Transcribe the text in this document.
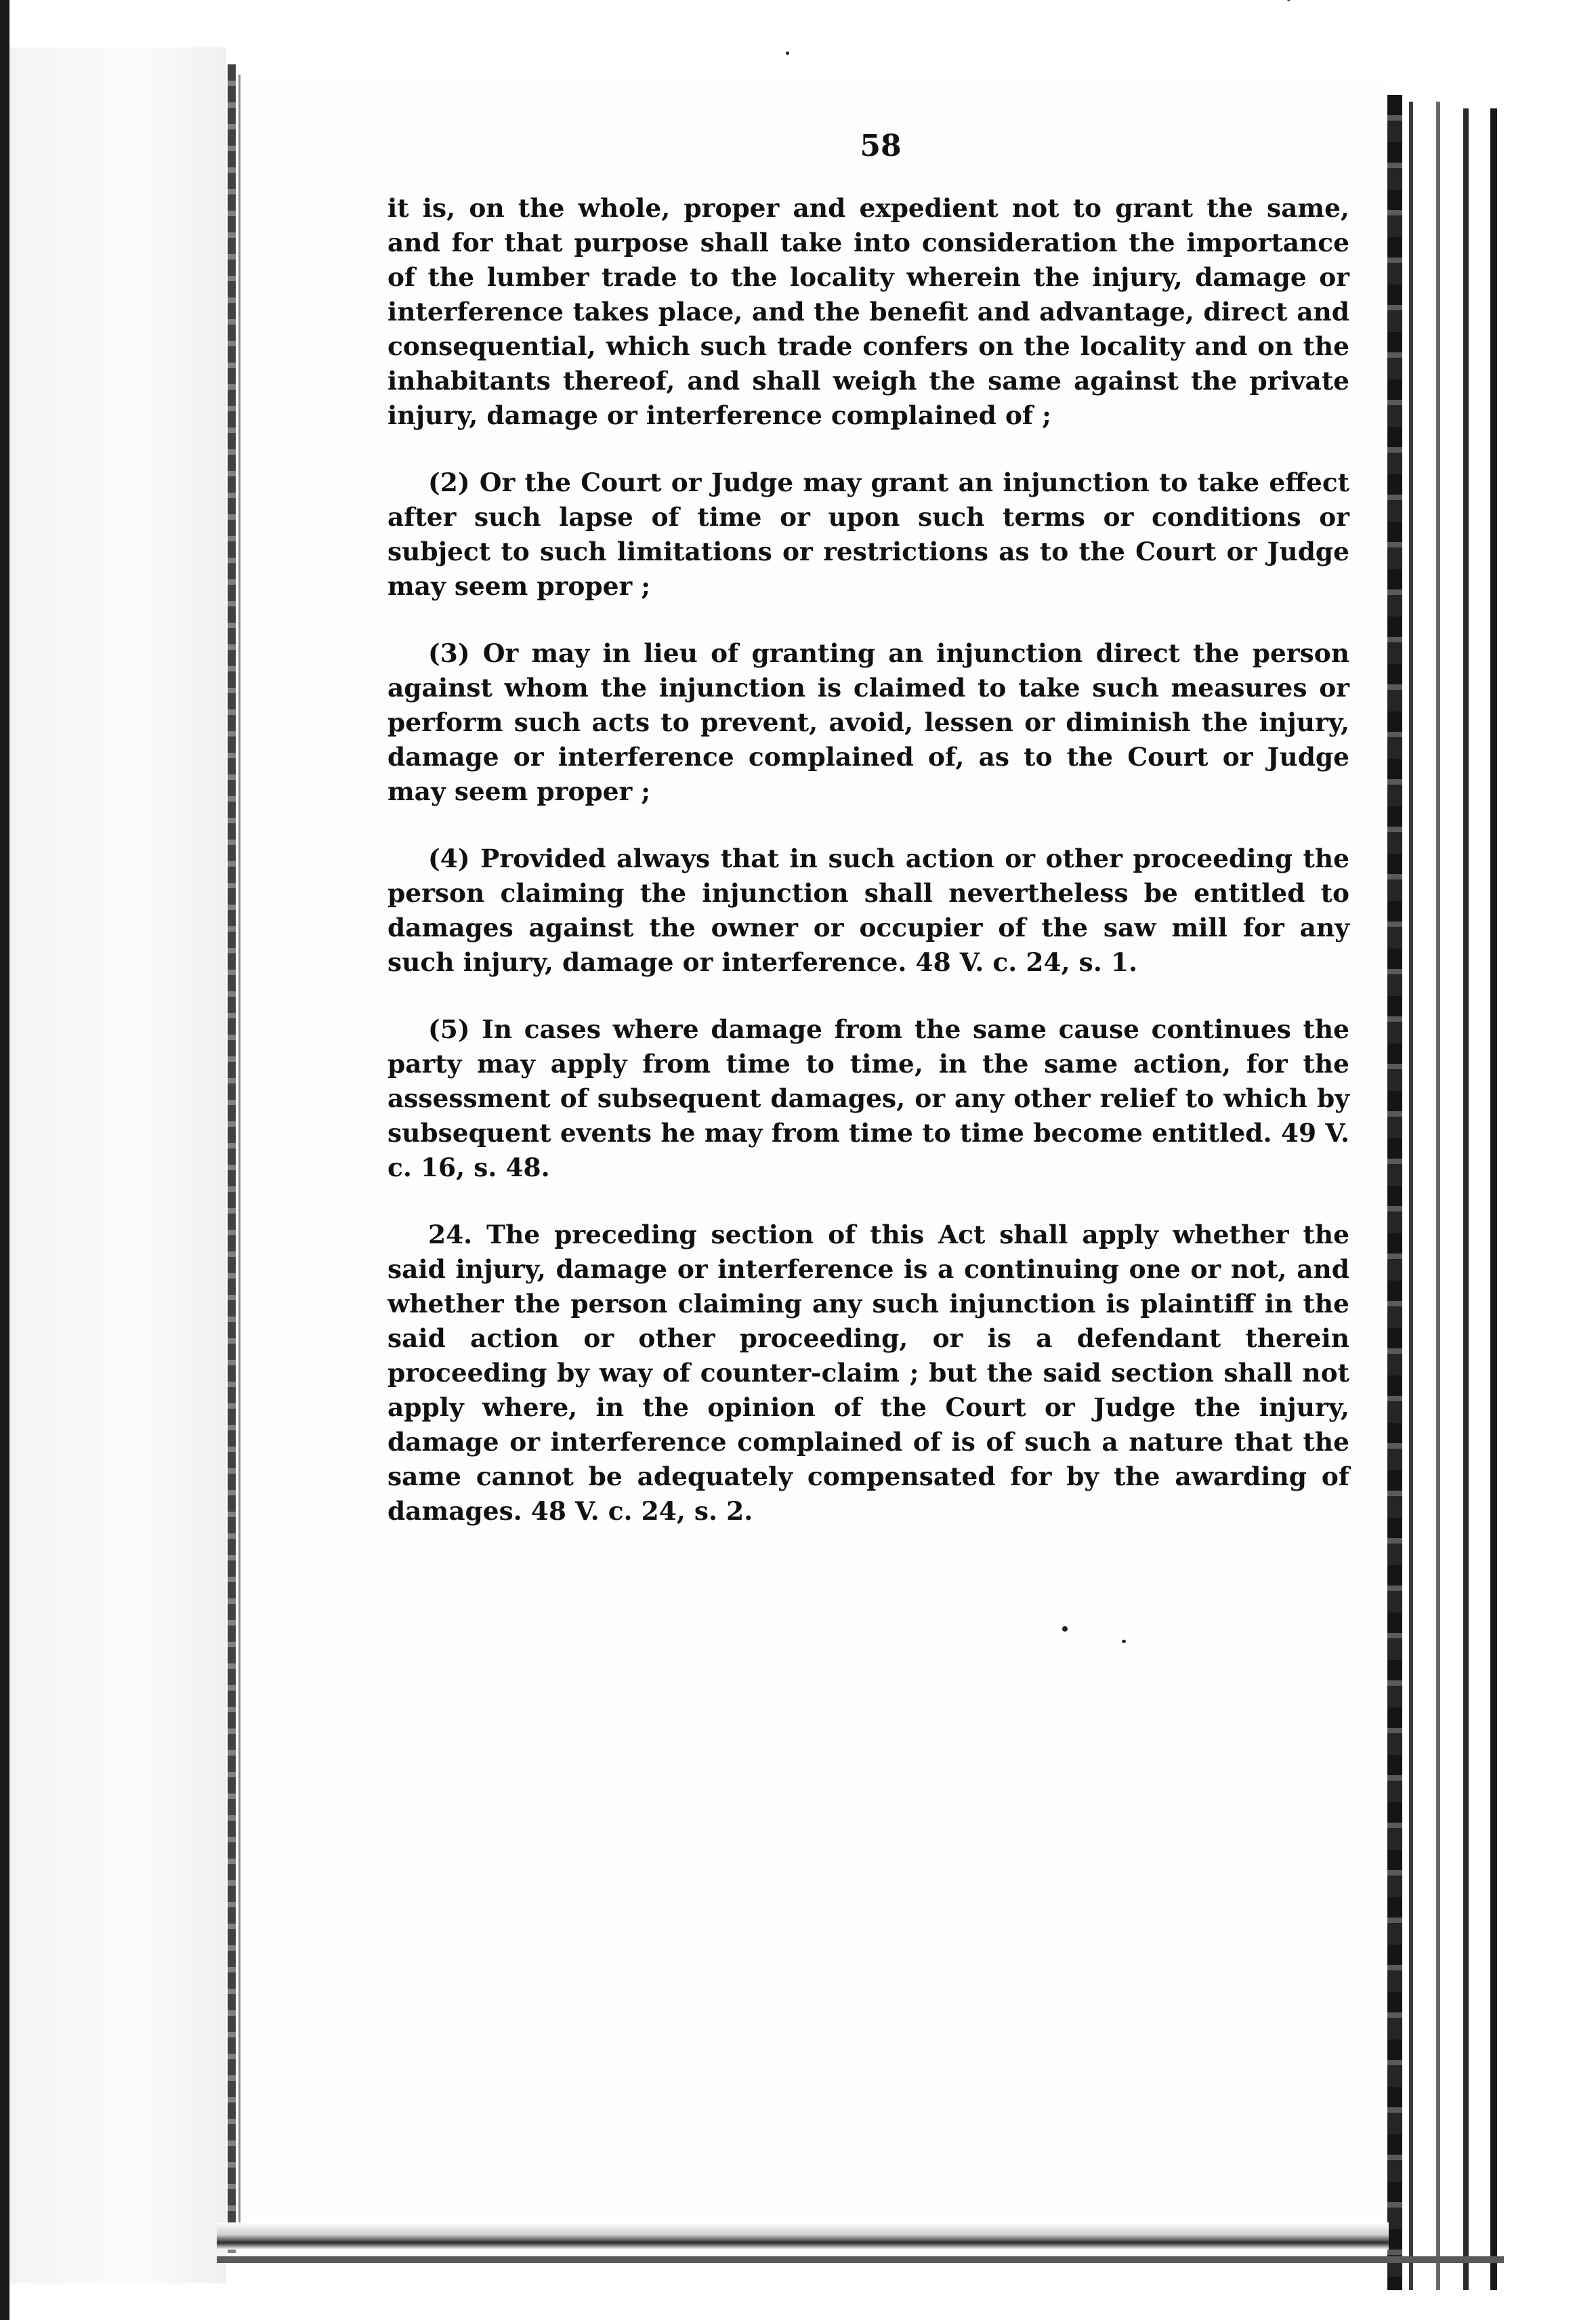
58

it is, on the whole, proper and expedient not to grant the same, and for that purpose shall take into consideration the importance of the lumber trade to the locality wherein the injury, damage or interference takes place, and the benefit and advantage, direct and consequential, which such trade confers on the locality and on the inhabitants thereof, and shall weigh the same against the private injury, damage or interference complained of ;

(2) Or the Court or Judge may grant an injunction to take effect after such lapse of time or upon such terms or conditions or subject to such limitations or restrictions as to the Court or Judge may seem proper ;

(3) Or may in lieu of granting an injunction direct the person against whom the injunction is claimed to take such measures or perform such acts to prevent, avoid, lessen or diminish the injury, damage or interference complained of, as to the Court or Judge may seem proper ;

(4) Provided always that in such action or other proceeding the person claiming the injunction shall nevertheless be entitled to damages against the owner or occupier of the saw mill for any such injury, damage or interference. 48 V. c. 24, s. 1.

(5) In cases where damage from the same cause continues the party may apply from time to time, in the same action, for the assessment of subsequent damages, or any other relief to which by subsequent events he may from time to time become entitled. 49 V. c. 16, s. 48.

24. The preceding section of this Act shall apply whether the said injury, damage or interference is a continuing one or not, and whether the person claiming any such injunction is plaintiff in the said action or other proceeding, or is a defendant therein proceeding by way of counter-claim ; but the said section shall not apply where, in the opinion of the Court or Judge the injury, damage or interference complained of is of such a nature that the same cannot be adequately compensated for by the awarding of damages. 48 V. c. 24, s. 2.
